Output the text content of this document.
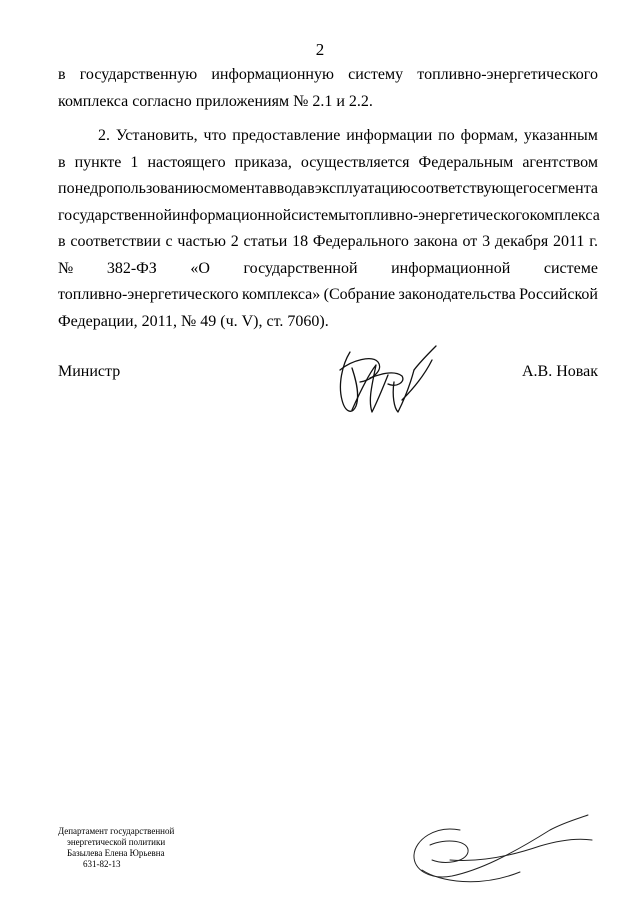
2
в государственную информационную систему топливно-энергетического
комплекса согласно приложениям № 2.1 и 2.2.
2. Установить, что предоставление информации по формам, указанным
в пункте 1 настоящего приказа, осуществляется Федеральным агентством
по недропользованию с момента ввода в эксплуатацию соответствующего сегмента
государственной информационной системы топливно-энергетического комплекса
в соответствии с частью 2 статьи 18 Федерального закона от 3 декабря 2011 г.
№ 382-ФЗ «О государственной информационной системе
топливно-энергетического комплекса» (Собрание законодательства Российской
Федерации, 2011, № 49 (ч. V), ст. 7060).
Министр	А.В. Новак
Департамент государственной
энергетической политики
Базылева Елена Юрьевна
631-82-13
